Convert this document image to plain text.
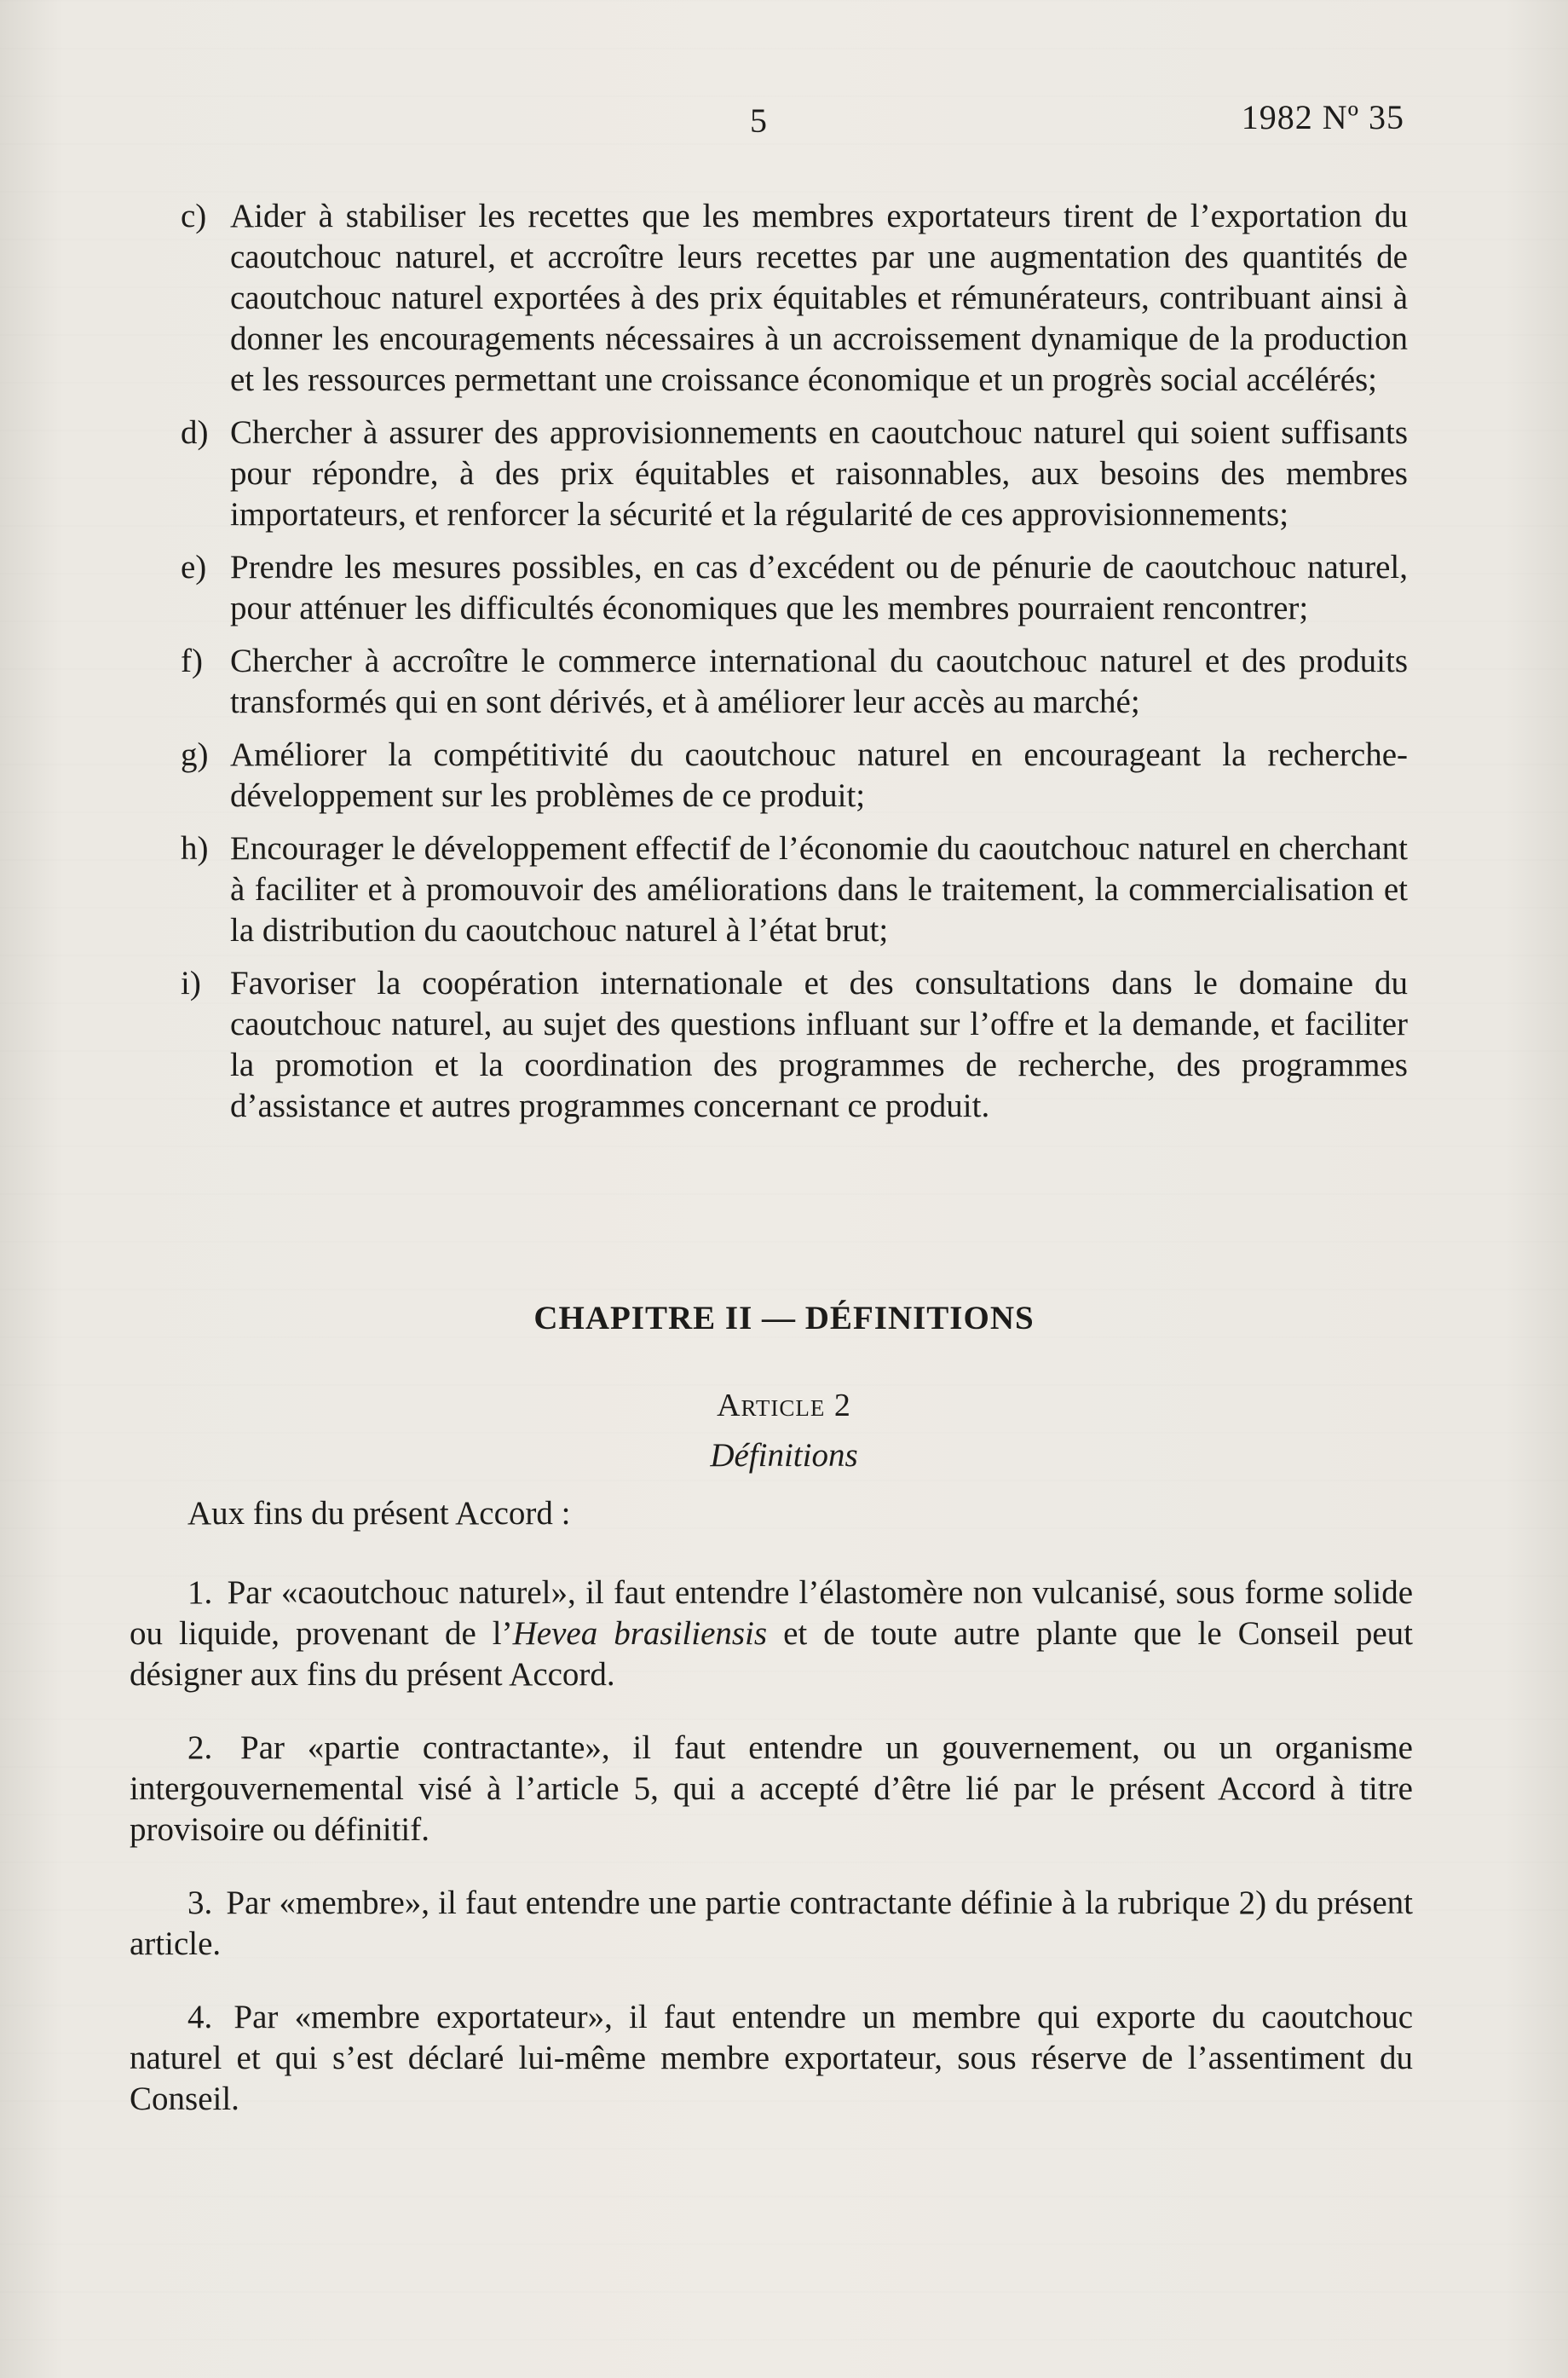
5	1982 Nº 35
c) Aider à stabiliser les recettes que les membres exportateurs tirent de l’exportation du caoutchouc naturel, et accroître leurs recettes par une augmentation des quantités de caoutchouc naturel exportées à des prix équitables et rémunérateurs, contribuant ainsi à donner les encouragements nécessaires à un accroissement dynamique de la production et les ressources permettant une croissance économique et un progrès social accélérés;
d) Chercher à assurer des approvisionnements en caoutchouc naturel qui soient suffisants pour répondre, à des prix équitables et raisonnables, aux besoins des membres importateurs, et renforcer la sécurité et la régularité de ces approvisionnements;
e) Prendre les mesures possibles, en cas d’excédent ou de pénurie de caoutchouc naturel, pour atténuer les difficultés économiques que les membres pourraient rencontrer;
f) Chercher à accroître le commerce international du caoutchouc naturel et des produits transformés qui en sont dérivés, et à améliorer leur accès au marché;
g) Améliorer la compétitivité du caoutchouc naturel en encourageant la recherche-développement sur les problèmes de ce produit;
h) Encourager le développement effectif de l’économie du caoutchouc naturel en cherchant à faciliter et à promouvoir des améliorations dans le traitement, la commercialisation et la distribution du caoutchouc naturel à l’état brut;
i) Favoriser la coopération internationale et des consultations dans le domaine du caoutchouc naturel, au sujet des questions influant sur l’offre et la demande, et faciliter la promotion et la coordination des programmes de recherche, des programmes d’assistance et autres programmes concernant ce produit.
CHAPITRE II — DÉFINITIONS
Article 2
Définitions
Aux fins du présent Accord :

1. Par «caoutchouc naturel», il faut entendre l’élastomère non vulcanisé, sous forme solide ou liquide, provenant de l’Hevea brasiliensis et de toute autre plante que le Conseil peut désigner aux fins du présent Accord.

2. Par «partie contractante», il faut entendre un gouvernement, ou un organisme intergouvernemental visé à l’article 5, qui a accepté d’être lié par le présent Accord à titre provisoire ou définitif.

3. Par «membre», il faut entendre une partie contractante définie à la rubrique 2) du présent article.

4. Par «membre exportateur», il faut entendre un membre qui exporte du caoutchouc naturel et qui s’est déclaré lui-même membre exportateur, sous réserve de l’assentiment du Conseil.
